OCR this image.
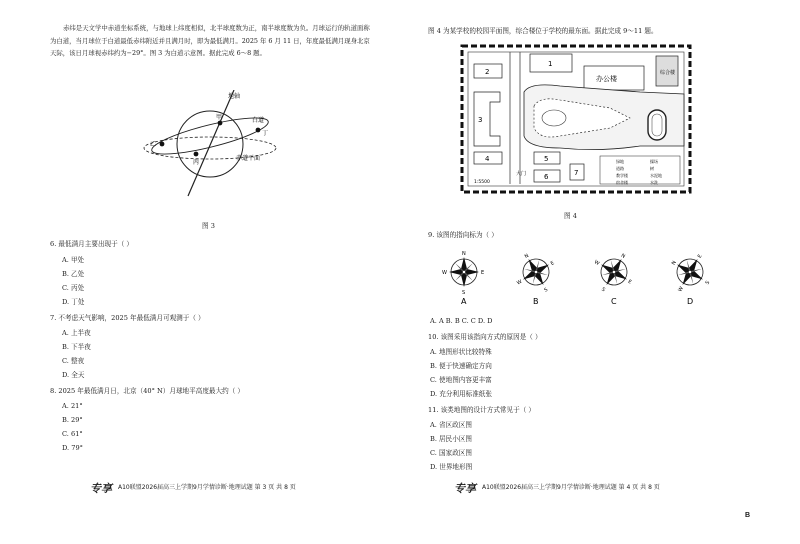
赤纬是天文学中赤道坐标系统，与地球上纬度相似，北半球度数为正，南半球度数为负。月球运行的轨道面称为白道，当月球位于白道最低赤纬附近并且满月时，即为最低满月。2025 年 6 月 11 日，年度最低满月现身北京天际，该日月球视赤纬约为−29°。图 3 为白道示意图。据此完成 6～8 题。
地轴
白道
甲
乙
丙
丁
赤道平面
图 3
6. 最低满月主要出现于（ ）
A. 甲处
B. 乙处
C. 丙处
D. 丁处
7. 不考虑天气影响，2025 年最低满月可观测于（ ）
A. 上半夜
B. 下半夜
C. 整夜
D. 全天
8. 2025 年最低满月日，北京（40° N）月球地平高度最大约（ ）
A. 21°
B. 29°
C. 61°
D. 79°
专享 A10联盟2026届高三上学期9月学情诊断·地理试题 第 3 页 共 8 页
图 4 为某学校的校园平面图，综合楼位于学校的最东面。据此完成 9～11 题。
2
3
4
1
办公楼
综合楼
5
6	7
大门
1:5500
绿地	操场
道路	树
教学楼	水泥地
宿舍楼	水洗
图 4
9. 该图的指向标为（ ）
N
W	E
S
N
W
E
S
N
W
E
S
N
W
E
S
A	B	C	D
A. A B. B C. C D. D
10. 该图采用该指向方式的原因是（ ）
A. 地图形状比较特殊
B. 便于快速确定方向
C. 使地图内容更丰富
D. 充分利用标准纸张
11. 该类地图的设计方式常见于（ ）
A. 省区政区图
B. 居民小区图
C. 国家政区图
D. 世界地形图
专享 A10联盟2026届高三上学期9月学情诊断·地理试题 第 4 页 共 8 页
B
